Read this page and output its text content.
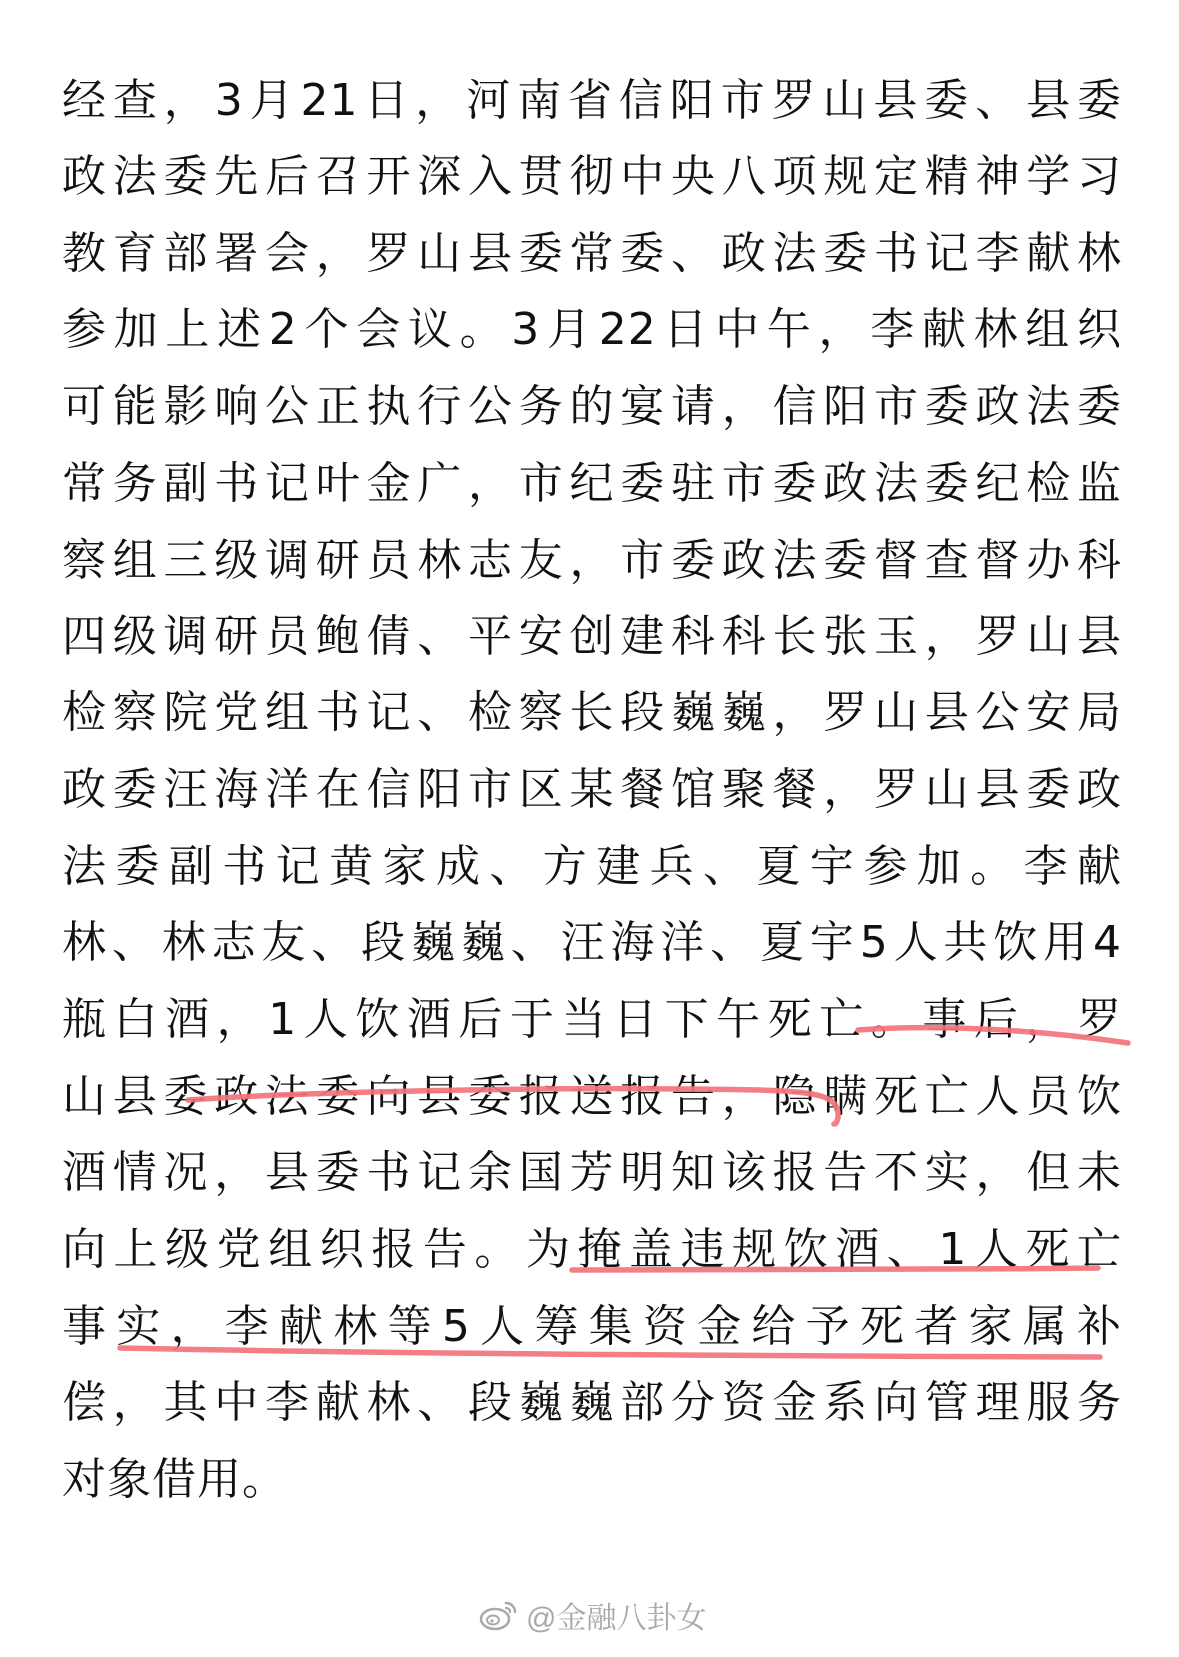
经查，3月21日，河南省信阳市罗山县委、县委
政法委先后召开深入贯彻中央八项规定精神学习
教育部署会，罗山县委常委、政法委书记李献林
参加上述2个会议。3月22日中午，李献林组织
可能影响公正执行公务的宴请，信阳市委政法委
常务副书记叶金广，市纪委驻市委政法委纪检监
察组三级调研员林志友，市委政法委督查督办科
四级调研员鲍倩、平安创建科科长张玉，罗山县
检察院党组书记、检察长段巍巍，罗山县公安局
政委汪海洋在信阳市区某餐馆聚餐，罗山县委政
法委副书记黄家成、方建兵、夏宇参加。李献
林、林志友、段巍巍、汪海洋、夏宇5人共饮用4
瓶白酒，1人饮酒后于当日下午死亡。事后，罗
山县委政法委向县委报送报告，隐瞒死亡人员饮
酒情况，县委书记余国芳明知该报告不实，但未
向上级党组织报告。为掩盖违规饮酒、1人死亡
事实，李献林等5人筹集资金给予死者家属补
偿，其中李献林、段巍巍部分资金系向管理服务
对象借用。
@金融八卦女
